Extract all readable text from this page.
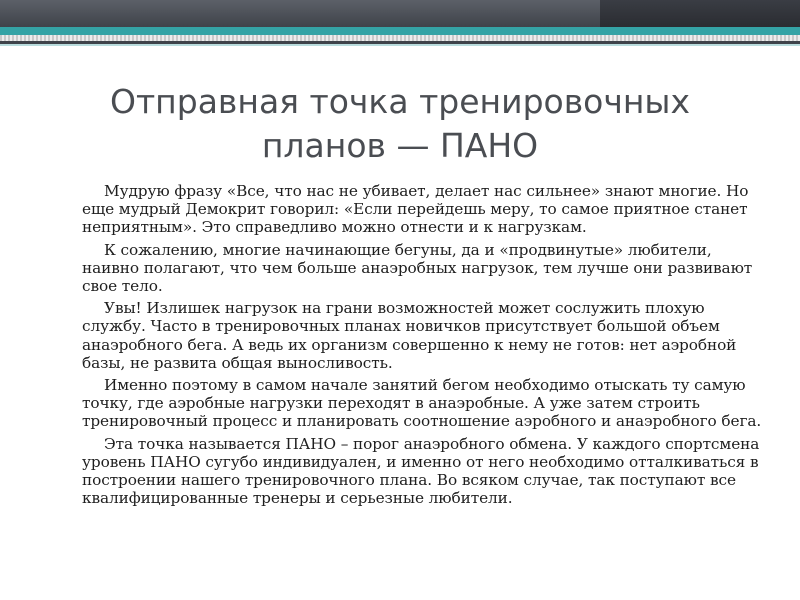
Отправная точка тренировочных планов — ПАНО

Мудрую фразу «Все, что нас не убивает, делает нас сильнее» знают многие. Но еще мудрый Демокрит говорил: «Если перейдешь меру, то самое приятное станет неприятным». Это справедливо можно отнести и к нагрузкам.

К сожалению, многие начинающие бегуны, да и «продвинутые» любители, наивно полагают, что чем больше анаэробных нагрузок, тем лучше они развивают свое тело.

Увы! Излишек нагрузок на грани возможностей может сослужить плохую службу. Часто в тренировочных планах новичков присутствует большой объем анаэробного бега. А ведь их организм совершенно к нему не готов: нет аэробной базы, не развита общая выносливость.

Именно поэтому в самом начале занятий бегом необходимо отыскать ту самую точку, где аэробные нагрузки переходят в анаэробные. А уже затем строить тренировочный процесс и планировать соотношение аэробного и анаэробного бега.

Эта точка называется ПАНО – порог анаэробного обмена. У каждого спортсмена уровень ПАНО сугубо индивидуален, и именно от него необходимо отталкиваться в построении нашего тренировочного плана. Во всяком случае, так поступают все квалифицированные тренеры и серьезные любители.
